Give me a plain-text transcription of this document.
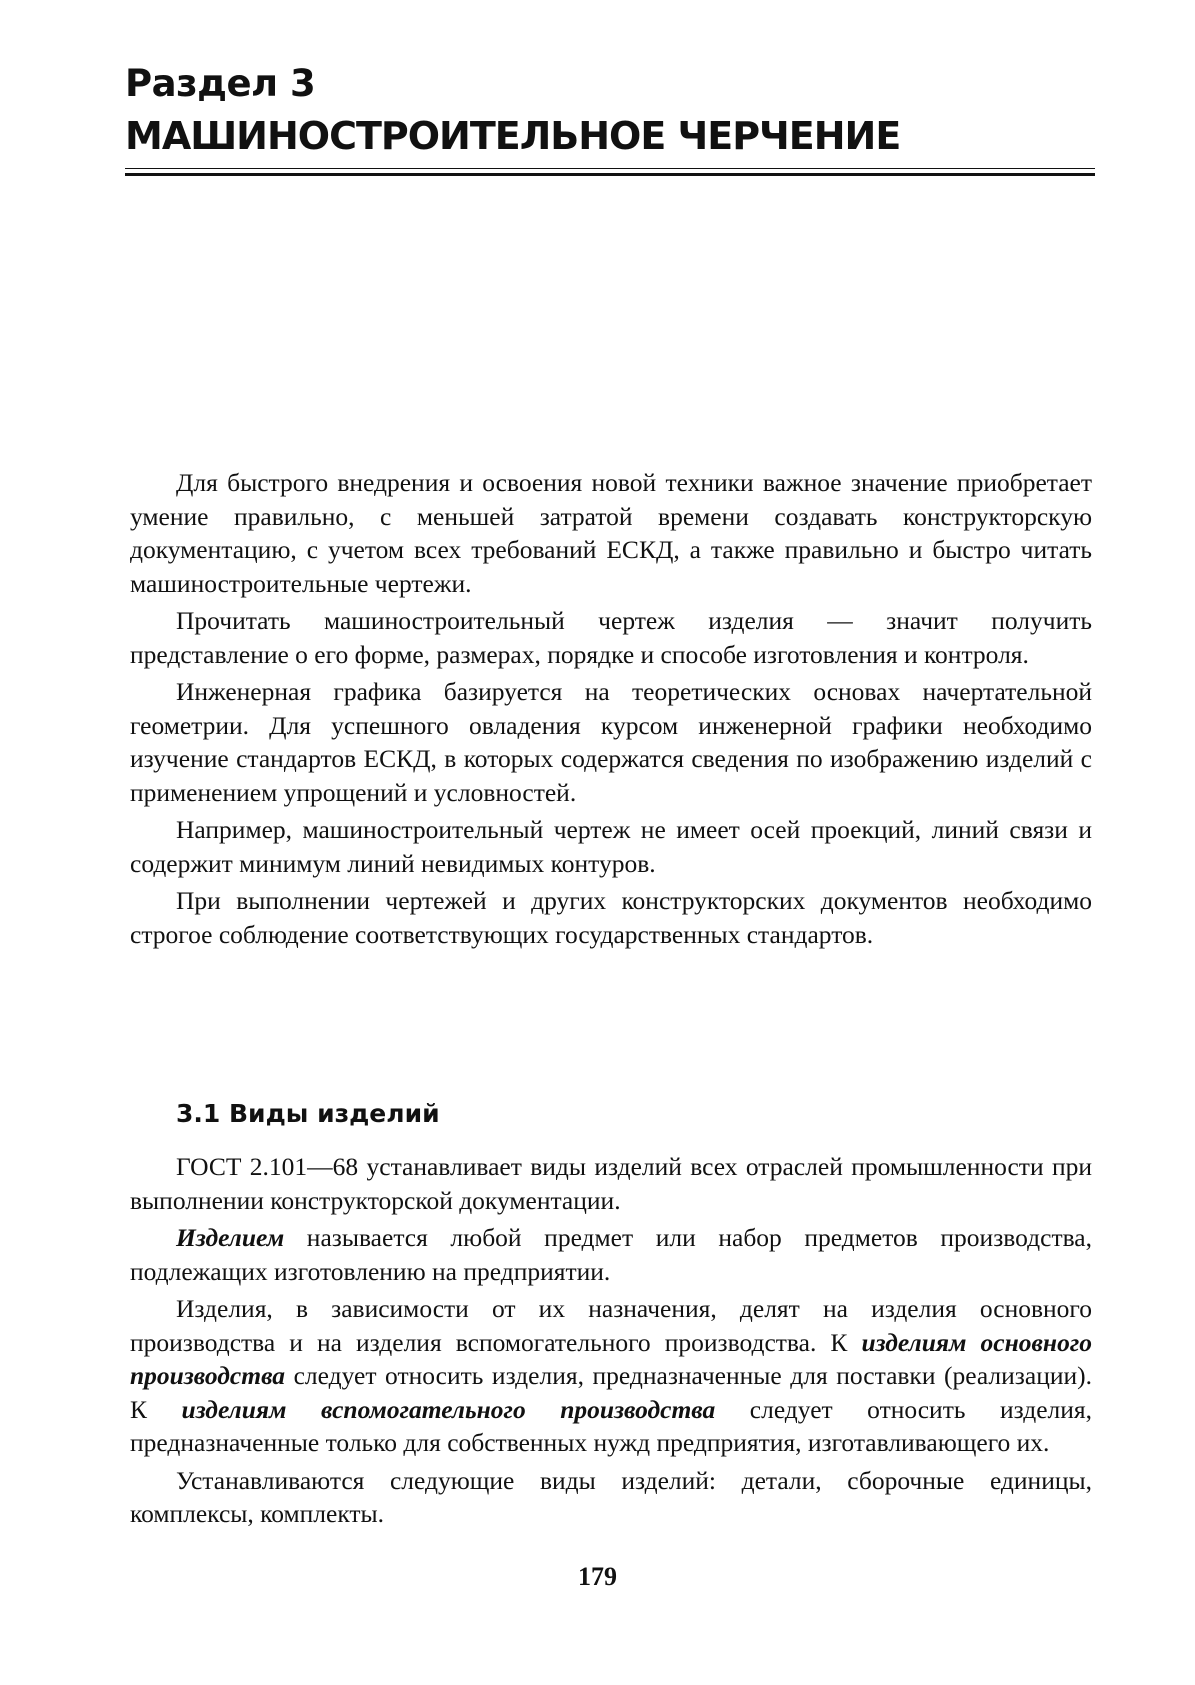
Раздел 3
МАШИНОСТРОИТЕЛЬНОЕ ЧЕРЧЕНИЕ

Для быстрого внедрения и освоения новой техники важное значение приобретает умение правильно, с меньшей затратой времени создавать конструкторскую документацию, с учетом всех требований ЕСКД, а также правильно и быстро читать машиностроительные чертежи.

Прочитать машиностроительный чертеж изделия — значит получить представление о его форме, размерах, порядке и способе изготовления и контроля.

Инженерная графика базируется на теоретических основах начертательной геометрии. Для успешного овладения курсом инженерной графики необходимо изучение стандартов ЕСКД, в которых содержатся сведения по изображению изделий с применением упрощений и условностей.

Например, машиностроительный чертеж не имеет осей проекций, линий связи и содержит минимум линий невидимых контуров.

При выполнении чертежей и других конструкторских документов необходимо строгое соблюдение соответствующих государственных стандартов.

3.1 Виды изделий

ГОСТ 2.101—68 устанавливает виды изделий всех отраслей промышленности при выполнении конструкторской документации.

Изделием называется любой предмет или набор предметов производства, подлежащих изготовлению на предприятии.

Изделия, в зависимости от их назначения, делят на изделия основного производства и на изделия вспомогательного производства. К изделиям основного производства следует относить изделия, предназначенные для поставки (реализации). К изделиям вспомогательного производства следует относить изделия, предназначенные только для собственных нужд предприятия, изготавливающего их.

Устанавливаются следующие виды изделий: детали, сборочные единицы, комплексы, комплекты.

179
